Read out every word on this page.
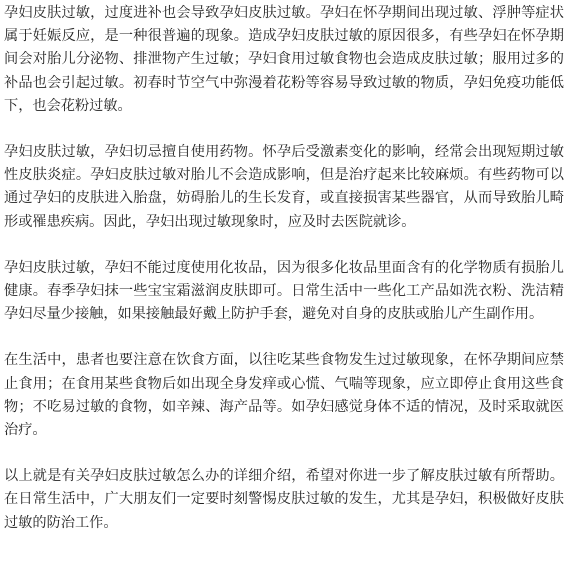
孕妇皮肤过敏，过度进补也会导致孕妇皮肤过敏。孕妇在怀孕期间出现过敏、浮肿等症状属于妊娠反应，是一种很普遍的现象。造成孕妇皮肤过敏的原因很多，有些孕妇在怀孕期间会对胎儿分泌物、排泄物产生过敏；孕妇食用过敏食物也会造成皮肤过敏；服用过多的补品也会引起过敏。初春时节空气中弥漫着花粉等容易导致过敏的物质，孕妇免疫功能低下，也会花粉过敏。

孕妇皮肤过敏，孕妇切忌擅自使用药物。怀孕后受激素变化的影响，经常会出现短期过敏性皮肤炎症。孕妇皮肤过敏对胎儿不会造成影响，但是治疗起来比较麻烦。有些药物可以通过孕妇的皮肤进入胎盘，妨碍胎儿的生长发育，或直接损害某些器官，从而导致胎儿畸形或罹患疾病。因此，孕妇出现过敏现象时，应及时去医院就诊。

孕妇皮肤过敏，孕妇不能过度使用化妆品，因为很多化妆品里面含有的化学物质有损胎儿健康。春季孕妇抹一些宝宝霜滋润皮肤即可。日常生活中一些化工产品如洗衣粉、洗洁精孕妇尽量少接触，如果接触最好戴上防护手套，避免对自身的皮肤或胎儿产生副作用。

在生活中，患者也要注意在饮食方面，以往吃某些食物发生过过敏现象，在怀孕期间应禁止食用；在食用某些食物后如出现全身发痒或心慌、气喘等现象，应立即停止食用这些食物；不吃易过敏的食物，如辛辣、海产品等。如孕妇感觉身体不适的情况，及时采取就医治疗。

以上就是有关孕妇皮肤过敏怎么办的详细介绍，希望对你进一步了解皮肤过敏有所帮助。在日常生活中，广大朋友们一定要时刻警惕皮肤过敏的发生，尤其是孕妇，积极做好皮肤过敏的防治工作。
